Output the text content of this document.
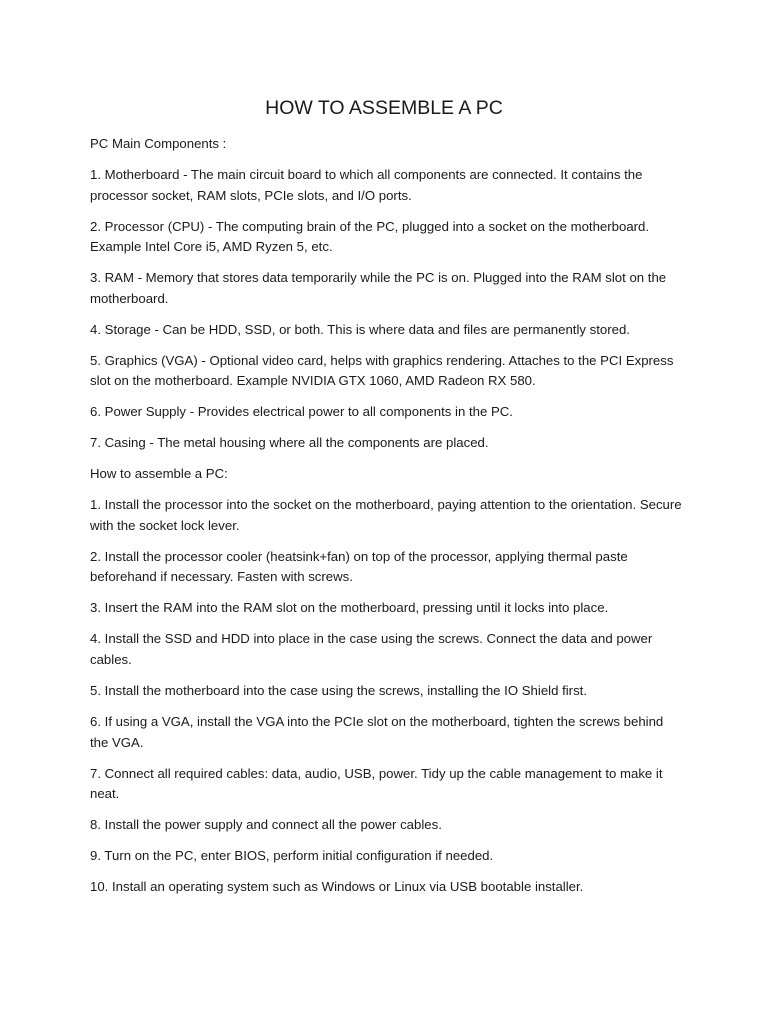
HOW TO ASSEMBLE A PC

PC Main Components :

1. Motherboard - The main circuit board to which all components are connected. It contains the processor socket, RAM slots, PCIe slots, and I/O ports.

2. Processor (CPU) - The computing brain of the PC, plugged into a socket on the motherboard. Example Intel Core i5, AMD Ryzen 5, etc.

3. RAM - Memory that stores data temporarily while the PC is on. Plugged into the RAM slot on the motherboard.

4. Storage - Can be HDD, SSD, or both. This is where data and files are permanently stored.

5. Graphics (VGA) - Optional video card, helps with graphics rendering. Attaches to the PCI Express slot on the motherboard. Example NVIDIA GTX 1060, AMD Radeon RX 580.

6. Power Supply - Provides electrical power to all components in the PC.

7. Casing - The metal housing where all the components are placed.

How to assemble a PC:

1. Install the processor into the socket on the motherboard, paying attention to the orientation. Secure with the socket lock lever.

2. Install the processor cooler (heatsink+fan) on top of the processor, applying thermal paste beforehand if necessary. Fasten with screws.

3. Insert the RAM into the RAM slot on the motherboard, pressing until it locks into place.

4. Install the SSD and HDD into place in the case using the screws. Connect the data and power cables.

5. Install the motherboard into the case using the screws, installing the IO Shield first.

6. If using a VGA, install the VGA into the PCIe slot on the motherboard, tighten the screws behind the VGA.

7. Connect all required cables: data, audio, USB, power. Tidy up the cable management to make it neat.

8. Install the power supply and connect all the power cables.

9. Turn on the PC, enter BIOS, perform initial configuration if needed.

10. Install an operating system such as Windows or Linux via USB bootable installer.
